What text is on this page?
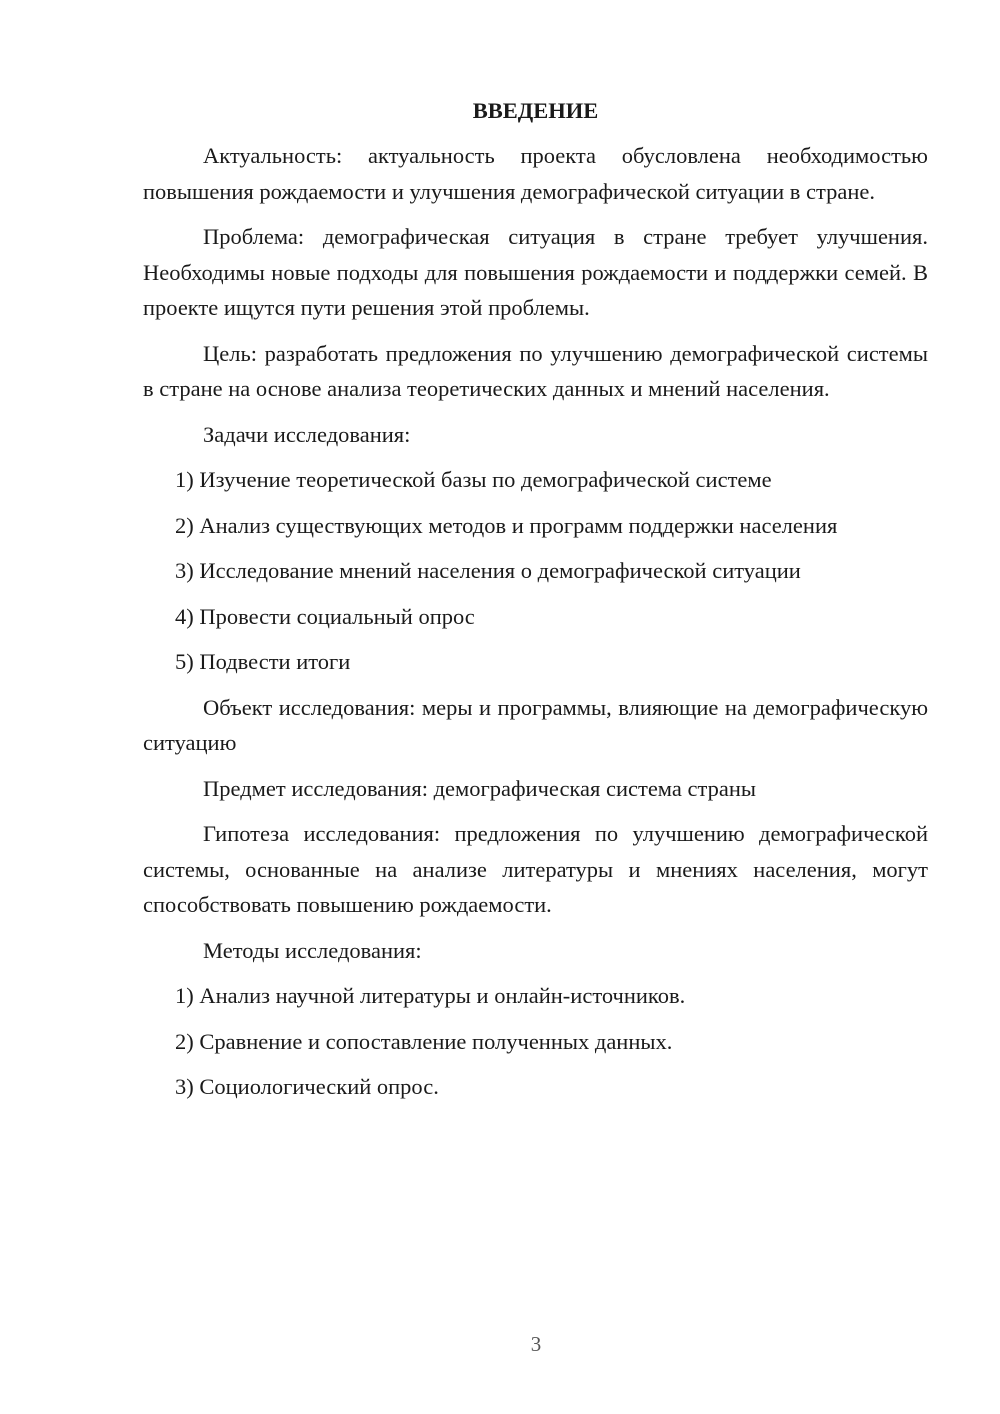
ВВЕДЕНИЕ

Актуальность: актуальность проекта обусловлена необходимостью повышения рождаемости и улучшения демографической ситуации в стране.

Проблема: демографическая ситуация в стране требует улучшения. Необходимы новые подходы для повышения рождаемости и поддержки семей. В проекте ищутся пути решения этой проблемы.

Цель: разработать предложения по улучшению демографической системы в стране на основе анализа теоретических данных и мнений населения.

Задачи исследования:

1) Изучение теоретической базы по демографической системе
2) Анализ существующих методов и программ поддержки населения
3) Исследование мнений населения о демографической ситуации
4) Провести социальный опрос
5) Подвести итоги

Объект исследования: меры и программы, влияющие на демографическую ситуацию

Предмет исследования: демографическая система страны

Гипотеза исследования: предложения по улучшению демографической системы, основанные на анализе литературы и мнениях населения, могут способствовать повышению рождаемости.

Методы исследования:

1) Анализ научной литературы и онлайн-источников.
2) Сравнение и сопоставление полученных данных.
3) Социологический опрос.
3
